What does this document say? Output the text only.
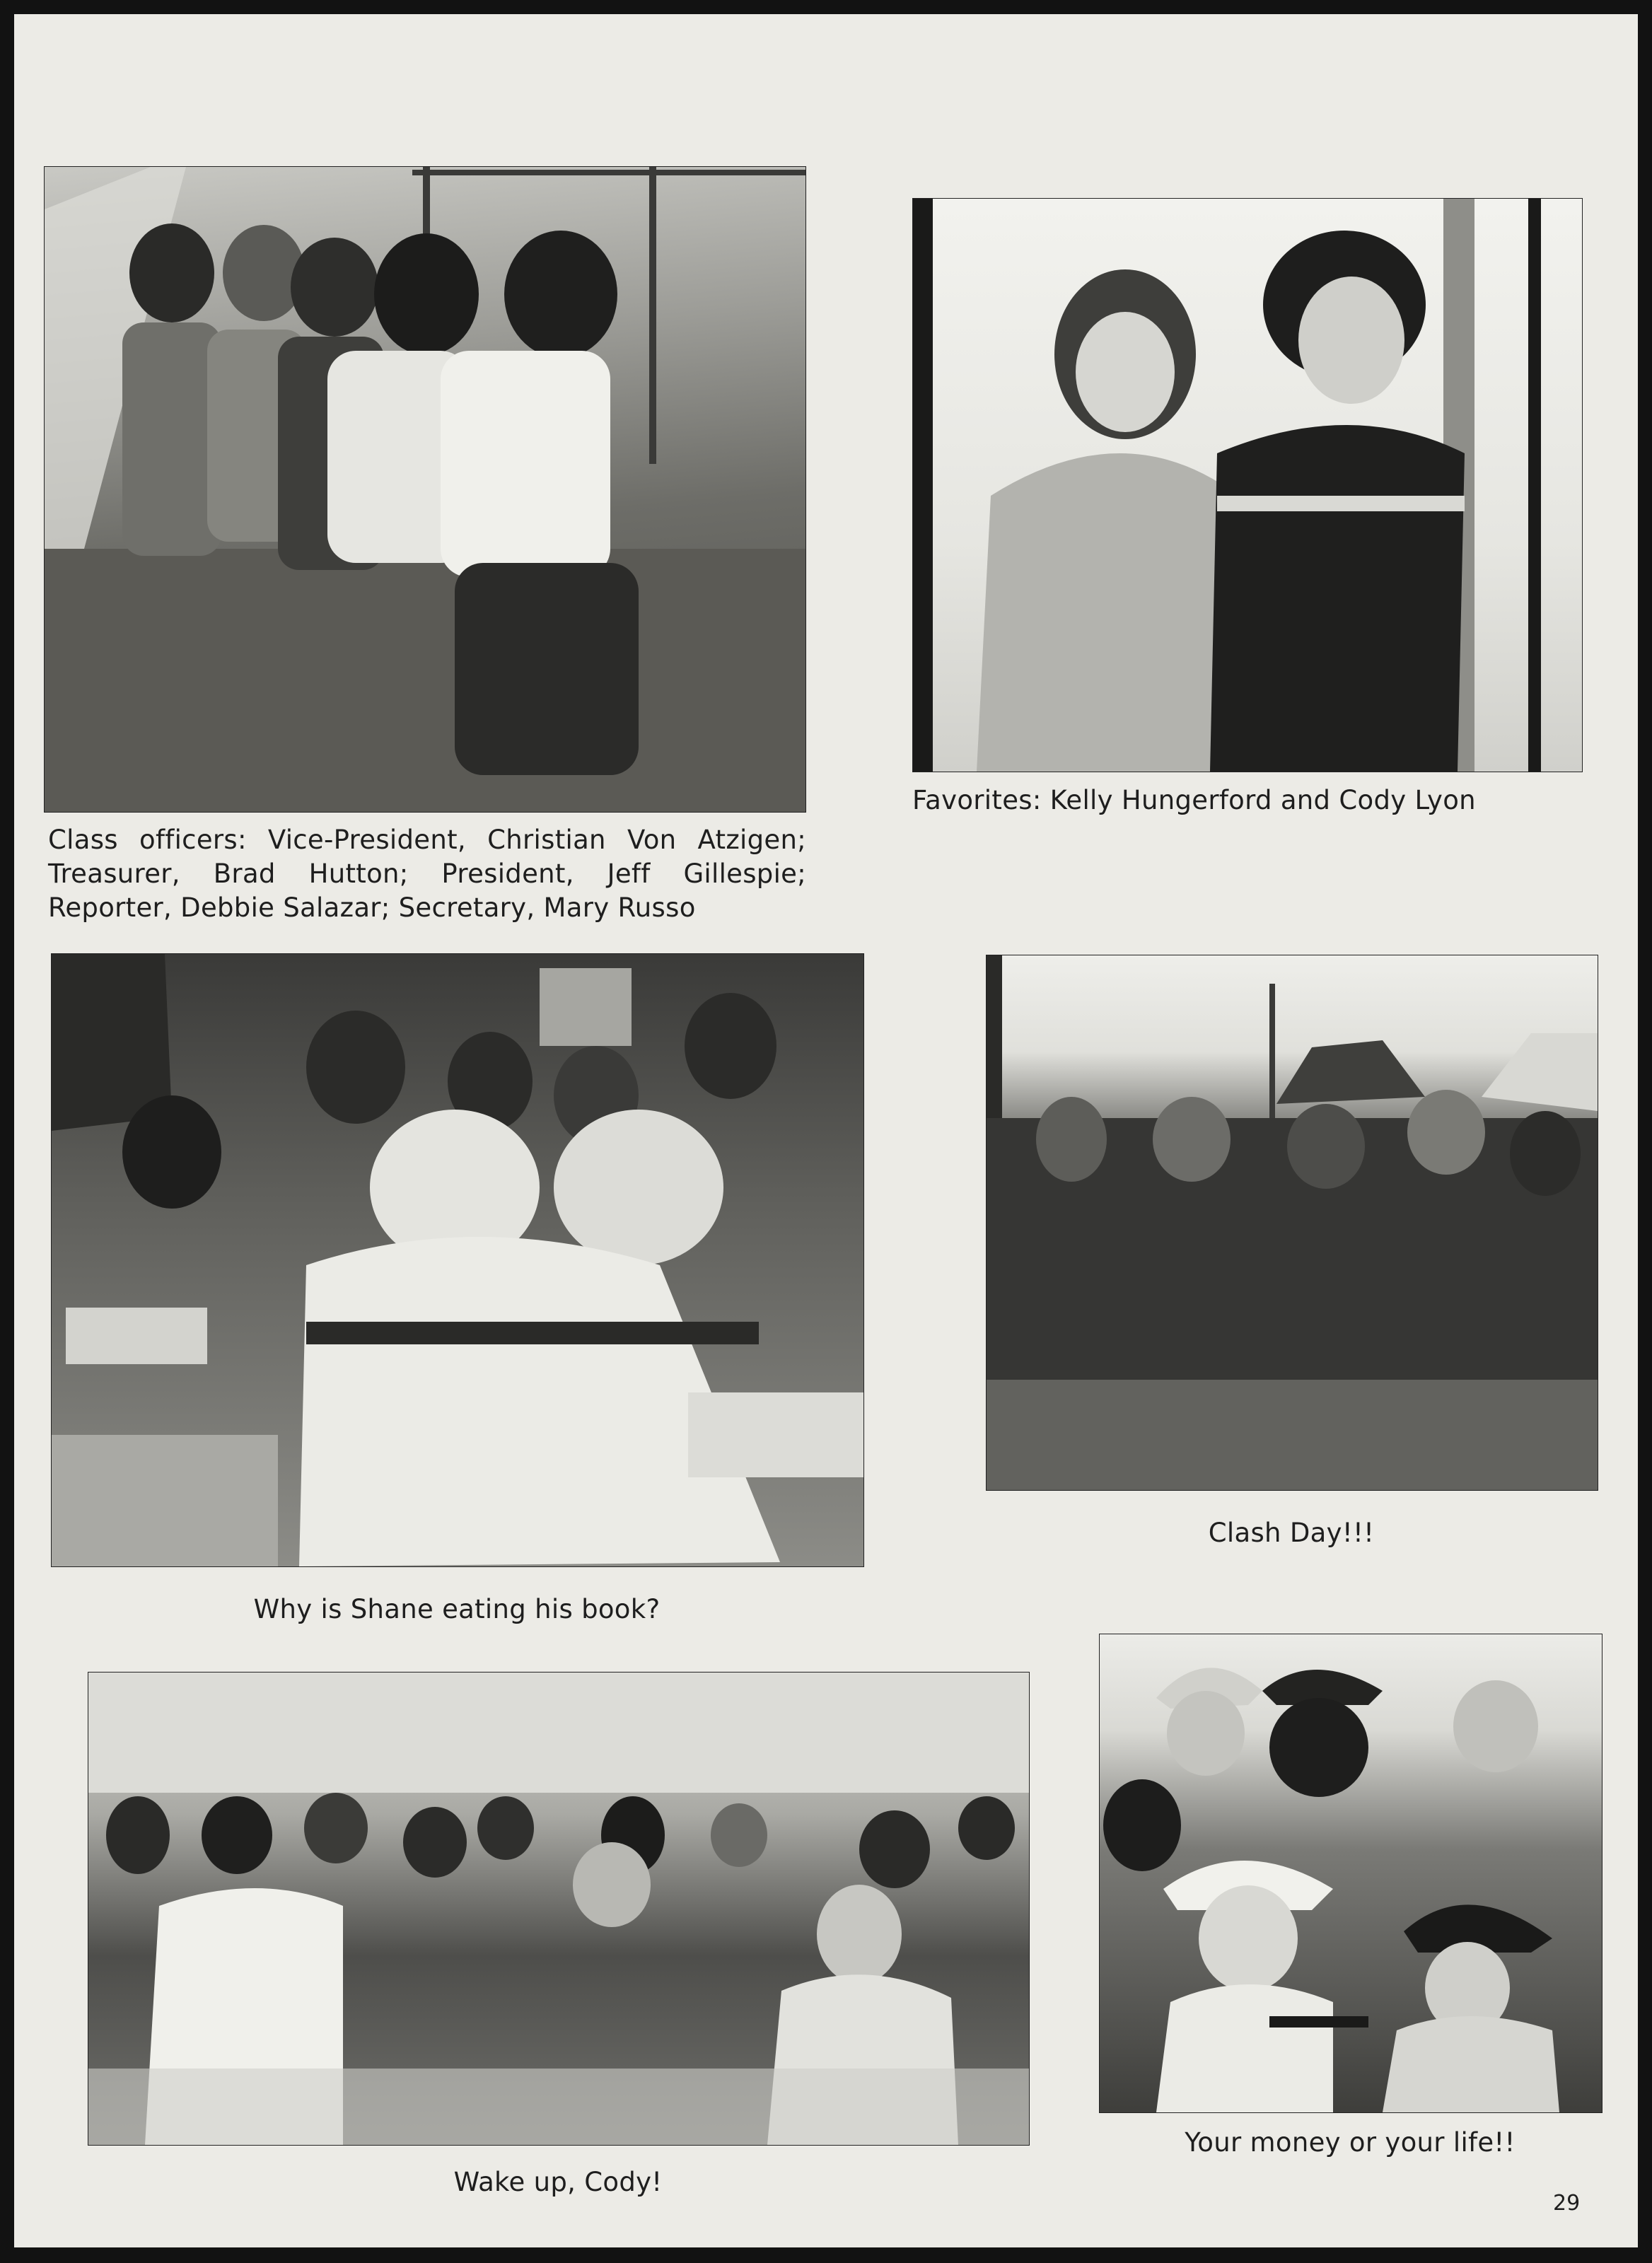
Class officers: Vice-President, Christian Von Atzigen; Treasurer, Brad Hutton; President, Jeff Gillespie; Reporter, Debbie Salazar; Secretary, Mary Russo
Favorites: Kelly Hungerford and Cody Lyon
Why is Shane eating his book?
Clash Day!!!
Wake up, Cody!
Your money or your life!!
29
